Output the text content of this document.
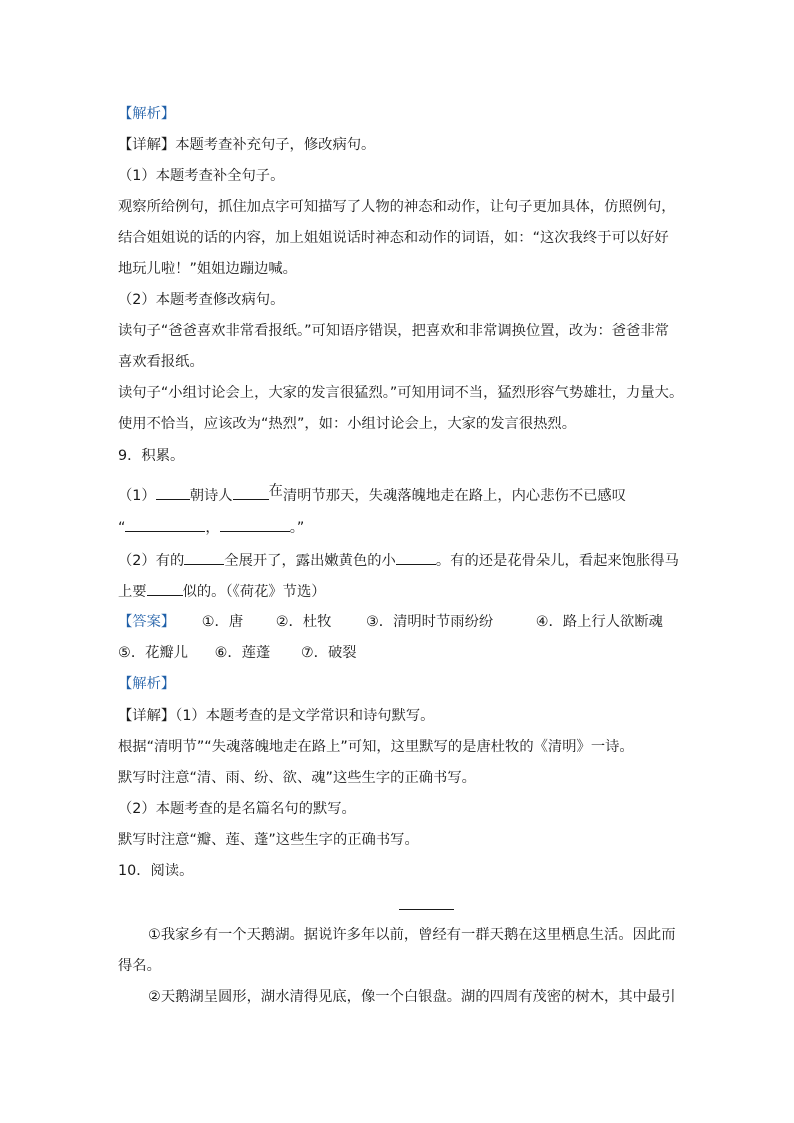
【解析】
【详解】本题考查补充句子，修改病句。
（1）本题考查补全句子。
观察所给例句，抓住加点字可知描写了人物的神态和动作，让句子更加具体，仿照例句，
结合姐姐说的话的内容，加上姐姐说话时神态和动作的词语，如：“这次我终于可以好好
地玩儿啦！”姐姐边蹦边喊。
（2）本题考查修改病句。
读句子“爸爸喜欢非常看报纸。”可知语序错误，把喜欢和非常调换位置，改为：爸爸非常
喜欢看报纸。
读句子“小组讨论会上，大家的发言很猛烈。”可知用词不当，猛烈形容气势雄壮，力量大。
使用不恰当，应该改为“热烈”，如：小组讨论会上，大家的发言很热烈。
9．积累。
（1） 朝诗人	在清明节那天，失魂落魄地走在路上，内心悲伤不已感叹
“	，	。”
（2）有的	全展开了，露出嫩黄色的小	。有的还是花骨朵儿，看起来饱胀得马
上要	似的。（《荷花》节选）
【答案】 ①．唐 ②．杜牧 ③．清明时节雨纷纷	④．路上行人欲断魂
⑤．花瓣儿 ⑥．莲蓬 ⑦．破裂
【解析】
【详解】（1）本题考查的是文学常识和诗句默写。
根据“清明节”“失魂落魄地走在路上”可知，这里默写的是唐杜牧的《清明》一诗。
默写时注意“清、雨、纷、欲、魂”这些生字的正确书写。
（2）本题考查的是名篇名句的默写。
默写时注意“瓣、莲、蓬”这些生字的正确书写。
10．阅读。
①我家乡有一个天鹅湖。据说许多年以前，曾经有一群天鹅在这里栖息生活。因此而
得名。
②天鹅湖呈圆形，湖水清得见底，像一个白银盘。湖的四周有茂密的树木，其中最引
